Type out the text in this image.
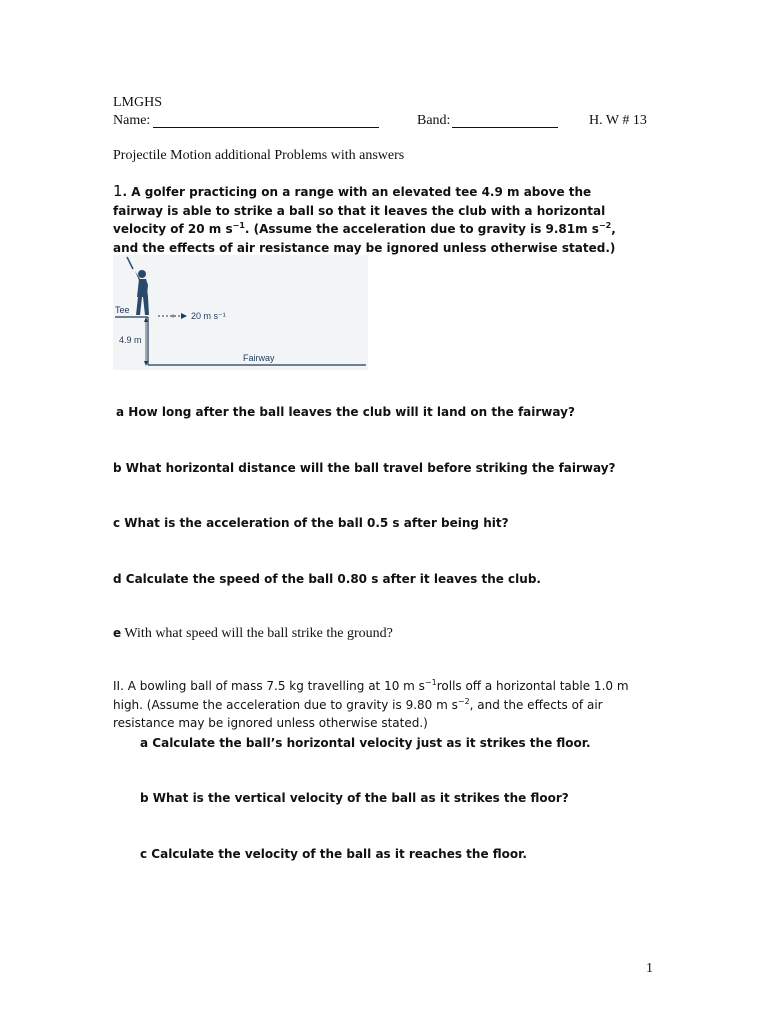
LMGHS
Name:	Band:	H. W # 13
Projectile Motion additional Problems with answers
1. A golfer practicing on a range with an elevated tee 4.9 m above the fairway is able to strike a ball so that it leaves the club with a horizontal velocity of 20 m $s^{-1}$. (Assume the acceleration due to gravity is 9.81m $s^{-2}$, and the effects of air resistance may be ignored unless otherwise stated.)
Tee
20 m s⁻¹
4.9 m
Fairway
a How long after the ball leaves the club will it land on the fairway?
b What horizontal distance will the ball travel before striking the fairway?
c What is the acceleration of the ball 0.5 s after being hit?
d Calculate the speed of the ball 0.80 s after it leaves the club.
e With what speed will the ball strike the ground?
II. A bowling ball of mass 7.5 kg travelling at 10 m $s^{-1}rolls$ off a horizontal table 1.0 m high. (Assume the acceleration due to gravity is 9.80 m $s^{-2}$, and the effects of air resistance may be ignored unless otherwise stated.)
a Calculate the ball’s horizontal velocity just as it strikes the floor.
b What is the vertical velocity of the ball as it strikes the floor?
c Calculate the velocity of the ball as it reaches the floor.
1
